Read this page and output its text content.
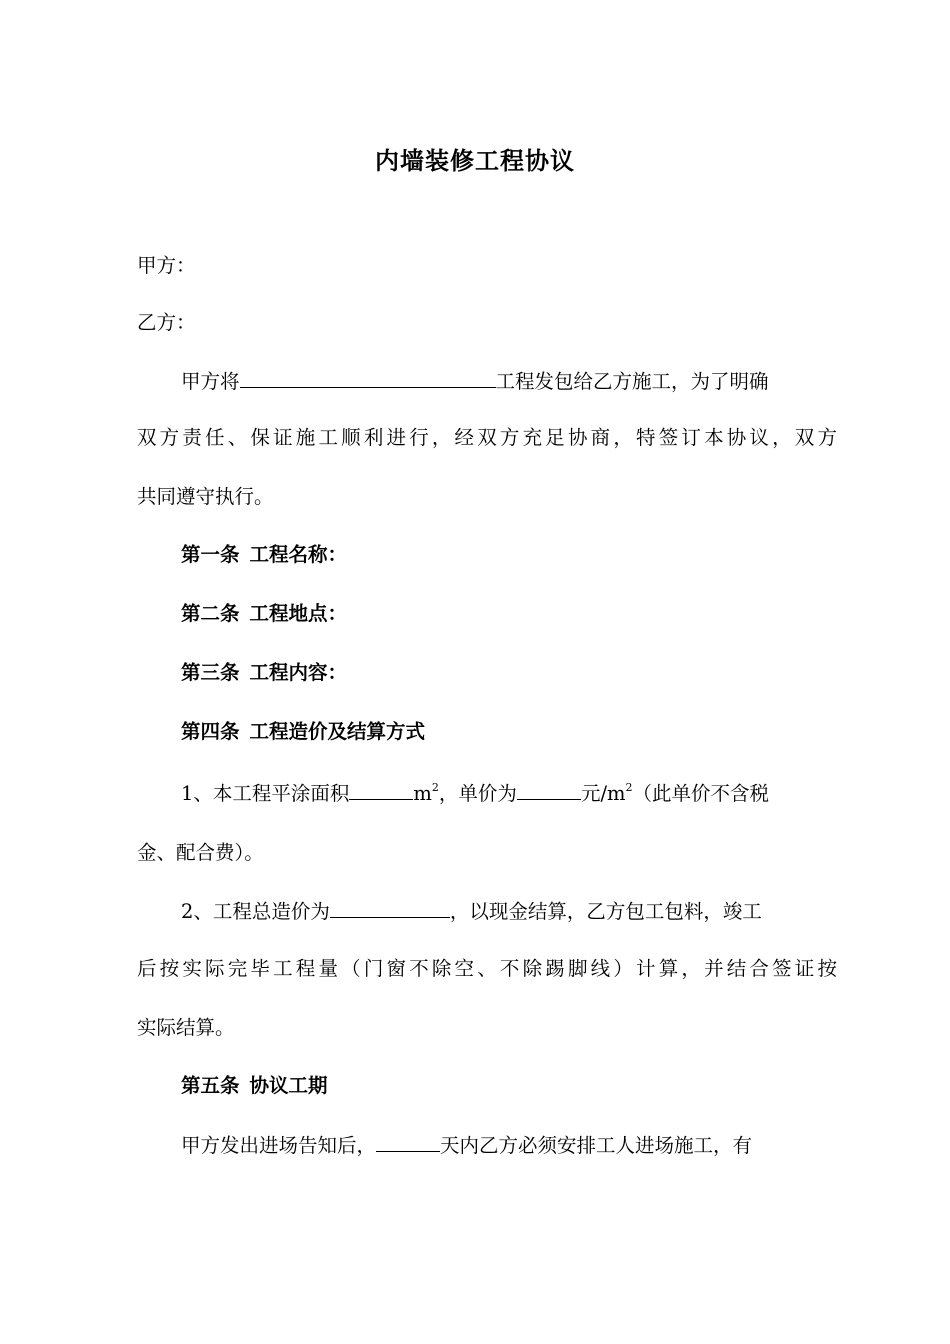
内墙装修工程协议
甲方：
乙方：
甲方将	工程发包给乙方施工，为了明确
双方责任、保证施工顺利进行，经双方充足协商，特签订本协议，双方
共同遵守执行。
第一条 工程名称：
第二条 工程地点：
第三条 工程内容：
第四条 工程造价及结算方式
1、本工程平涂面积	$m^2$，单价为	元$/m^2$（此单价不含税
金、配合费）。
2、工程总造价为	，以现金结算，乙方包工包料，竣工
后按实际完毕工程量（门窗不除空、不除踢脚线）计算，并结合签证按
实际结算。
第五条 协议工期
甲方发出进场告知后，	天内乙方必须安排工人进场施工，有
